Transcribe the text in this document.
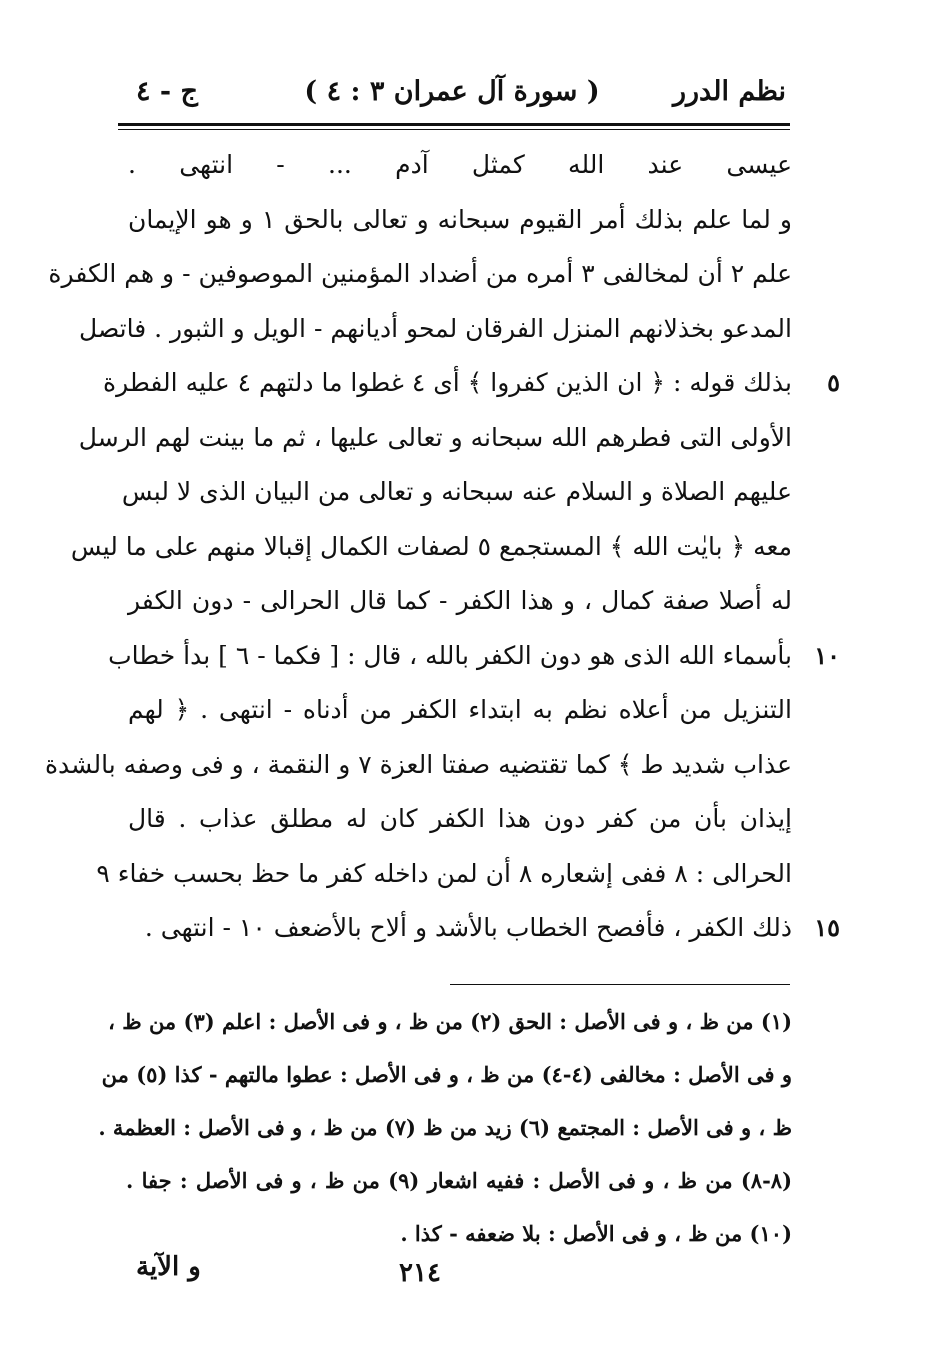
نظم الدرر
( سورة آل عمران ٣ : ٤ )
ج - ٤
عيسى عند الله كمثل آدم ... - انتهى .
و لما علم بذلك أمر القيوم سبحانه و تعالى بالحق ١ و هو الإيمان
علم ٢ أن لمخالفى ٣ أمره من أضداد المؤمنين الموصوفين - و هم الكفرة
المدعو بخذلانهم المنزل الفرقان لمحو أديانهم - الويل و الثبور . فاتصل
٥
بذلك قوله : ﴿ ان الذين كفروا ﴾ أى ٤ غطوا ما دلتهم ٤ عليه الفطرة
الأولى التى فطرهم الله سبحانه و تعالى عليها ، ثم ما بينت لهم الرسل
عليهم الصلاة و السلام عنه سبحانه و تعالى من البيان الذى لا لبس
معه ﴿ بايٰت الله ﴾ المستجمع ٥ لصفات الكمال إقبالا منهم على ما ليس
له أصلا صفة كمال ، و هذا الكفر - كما قال الحرالى - دون الكفر
١٠
بأسماء الله الذى هو دون الكفر بالله ، قال : [ فكما - ٦ ] بدأ خطاب
التنزيل من أعلاه نظم به ابتداء الكفر من أدناه - انتهى . ﴿ لهم
عذاب شديد ط ﴾ كما تقتضيه صفتا العزة ٧ و النقمة ، و فى وصفه بالشدة
إيذان بأن من كفر دون هذا الكفر كان له مطلق عذاب . قال
الحرالى : ٨ ففى إشعاره ٨ أن لمن داخله كفر ما حظ بحسب خفاء ٩
١٥
ذلك الكفر ، فأفصح الخطاب بالأشد و ألاح بالأضعف ١٠ - انتهى .
(١) من ظ ، و فى الأصل : الحق (٢) من ظ ، و فى الأصل : اعلم (٣) من ظ ،
و فى الأصل : مخالفى (٤-٤) من ظ ، و فى الأصل : عطوا مالتهم - كذا (٥) من
ظ ، و فى الأصل : المجتمع (٦) زيد من ظ (٧) من ظ ، و فى الأصل : العظمة .
(٨-٨) من ظ ، و فى الأصل : ففيه اشعار (٩) من ظ ، و فى الأصل : جفا .
(١٠) من ظ ، و فى الأصل : بلا ضعفه - كذا .
٢١٤
و الآية
